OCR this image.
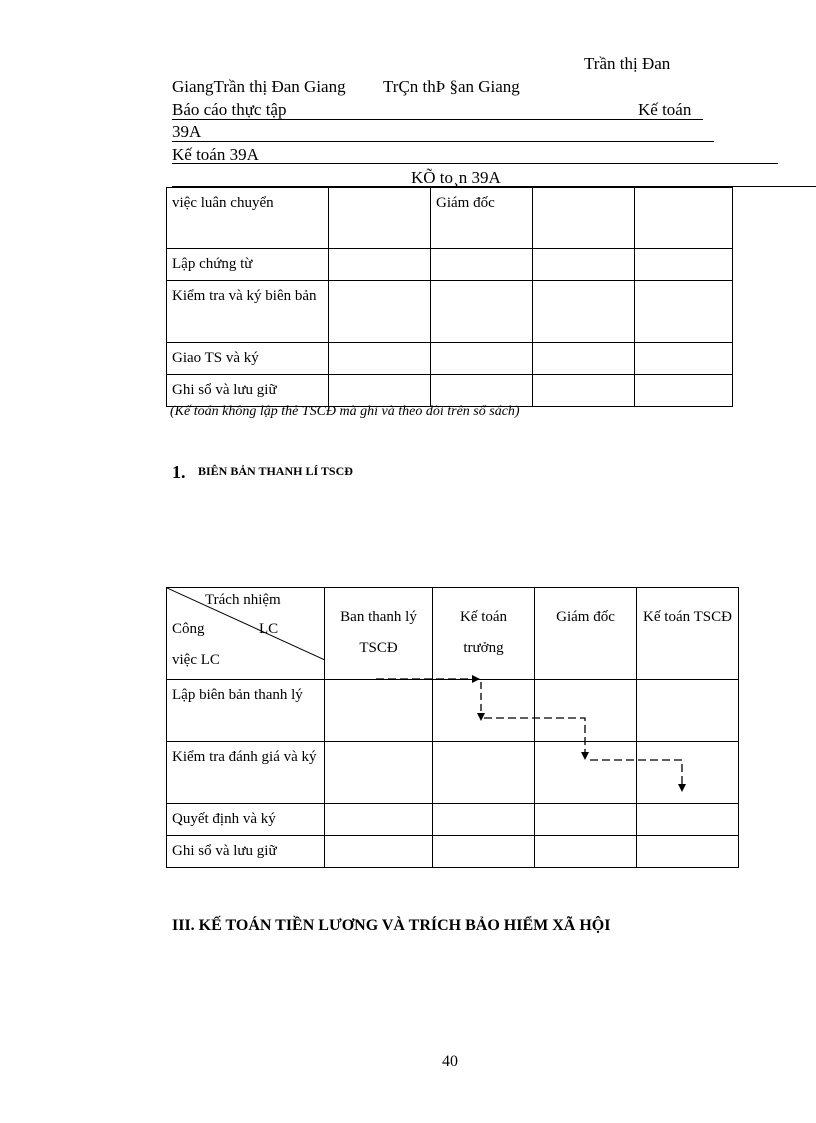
Trần thị Đan
GiangTrần thị Đan Giang TrÇn thÞ §an Giang
Báo cáo thực tập	Kế toán
39A
Kế toán 39A
KÕ to¸n 39A
việc luân chuyển		Giám đốc		

Lập chứng từ				

Kiểm tra và ký biên bản				

Giao TS và ký				

Ghi sổ và lưu giữ				

(Kế toán không lập thẻ TSCĐ mà ghi và theo dõi trên sổ sách)
1. BIÊN BẢN THANH LÍ TSCĐ
Trách nhiệm
Công LC
việc LC	Ban thanh lý TSCĐ	Kế toán trưởng	Giám đốc	Kế toán TSCĐ

Lập biên bản thanh lý				

Kiểm tra đánh giá và ký				

Quyết định và ký				

Ghi sổ và lưu giữ				

III. KẾ TOÁN TIỀN LƯƠNG VÀ TRÍCH BẢO HIỂM XÃ HỘI
40
